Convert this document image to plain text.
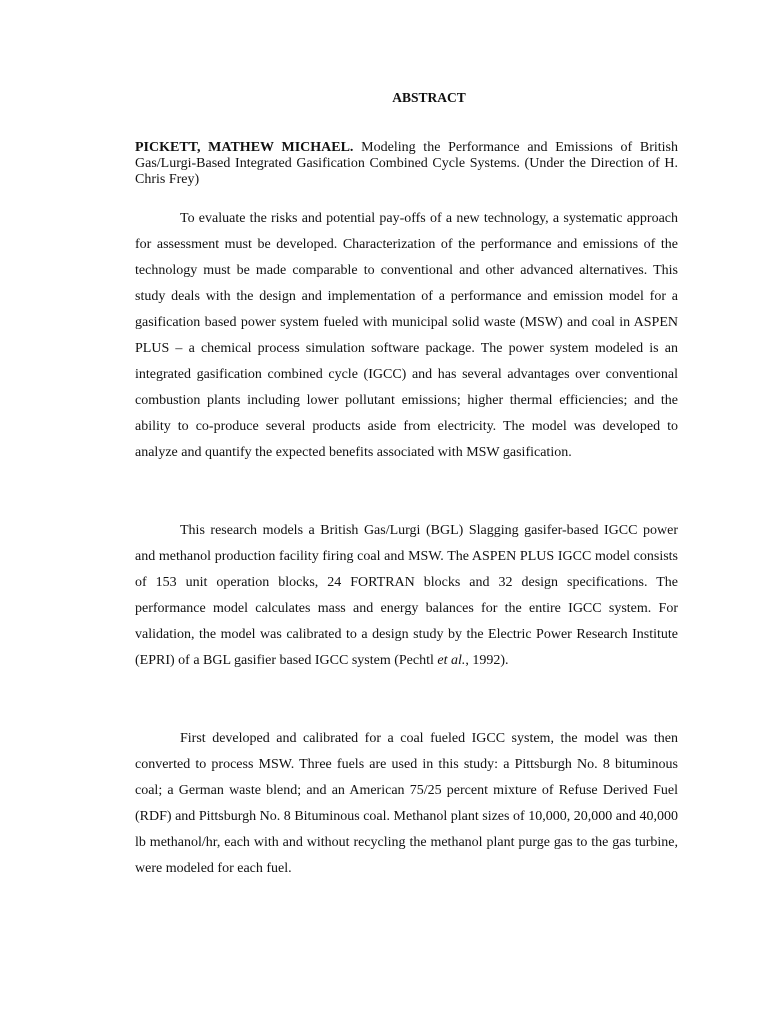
ABSTRACT
PICKETT, MATHEW MICHAEL. Modeling the Performance and Emissions of British Gas/Lurgi-Based Integrated Gasification Combined Cycle Systems. (Under the Direction of H. Chris Frey)

To evaluate the risks and potential pay-offs of a new technology, a systematic approach for assessment must be developed. Characterization of the performance and emissions of the technology must be made comparable to conventional and other advanced alternatives. This study deals with the design and implementation of a performance and emission model for a gasification based power system fueled with municipal solid waste (MSW) and coal in ASPEN PLUS – a chemical process simulation software package. The power system modeled is an integrated gasification combined cycle (IGCC) and has several advantages over conventional combustion plants including lower pollutant emissions; higher thermal efficiencies; and the ability to co-produce several products aside from electricity. The model was developed to analyze and quantify the expected benefits associated with MSW gasification.

This research models a British Gas/Lurgi (BGL) Slagging gasifer-based IGCC power and methanol production facility firing coal and MSW. The ASPEN PLUS IGCC model consists of 153 unit operation blocks, 24 FORTRAN blocks and 32 design specifications. The performance model calculates mass and energy balances for the entire IGCC system. For validation, the model was calibrated to a design study by the Electric Power Research Institute (EPRI) of a BGL gasifier based IGCC system (Pechtl et al., 1992).

First developed and calibrated for a coal fueled IGCC system, the model was then converted to process MSW. Three fuels are used in this study: a Pittsburgh No. 8 bituminous coal; a German waste blend; and an American 75/25 percent mixture of Refuse Derived Fuel (RDF) and Pittsburgh No. 8 Bituminous coal. Methanol plant sizes of 10,000, 20,000 and 40,000 lb methanol/hr, each with and without recycling the methanol plant purge gas to the gas turbine, were modeled for each fuel.
